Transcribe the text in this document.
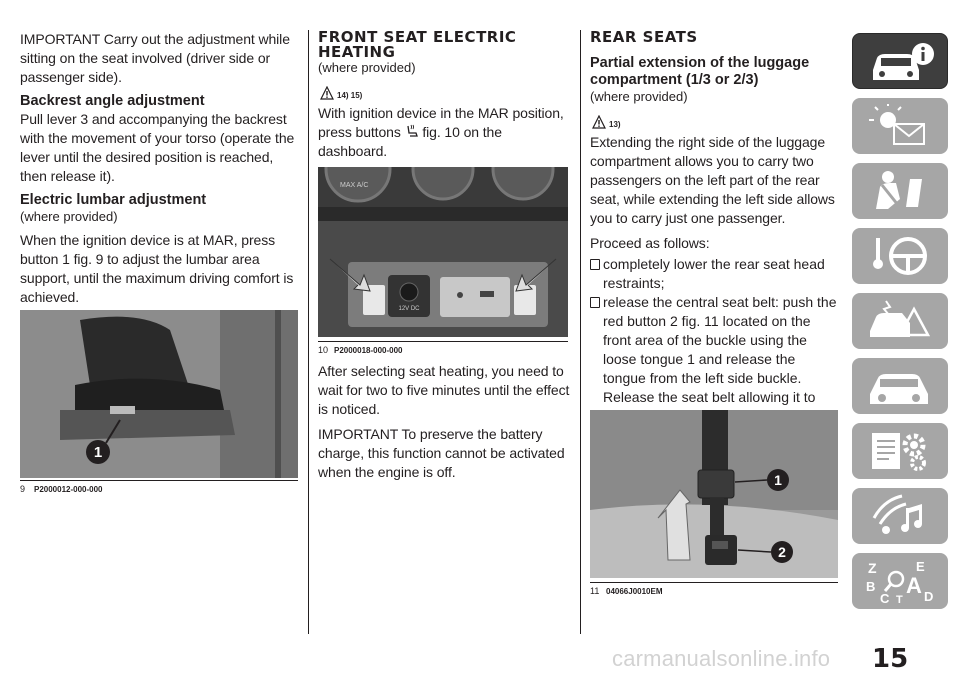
IMPORTANT Carry out the adjustment while sitting on the seat involved (driver side or passenger side).

Backrest angle adjustment

Pull lever 3 and accompanying the backrest with the movement of your torso (operate the lever until the desired position is reached, then release it).

Electric lumbar adjustment

(where provided)

When the ignition device is at MAR, press button 1 fig. 9 to adjust the lumbar area support, until the maximum driving comfort is achieved.

1
9	P2000012-000-000
FRONT SEAT ELECTRIC HEATING

(where provided)

14) 15)

With ignition device in the MAR position, press buttons fig. 10 on the dashboard.

MAX A/C
12V DC
10 P2000018-000-000

After selecting seat heating, you need to wait for two to five minutes until the effect is noticed.

IMPORTANT To preserve the battery charge, this function cannot be activated when the engine is off.

REAR SEATS
Partial extension of the luggage compartment (1/3 or 2/3)

(where provided)

13)

Extending the right side of the luggage compartment allows you to carry two passengers on the left part of the rear seat, while extending the left side allows you to carry just one passenger.

Proceed as follows:

completely lower the rear seat head restraints;
release the central seat belt: push the red button 2 fig. 11 located on the front area of the buckle using the loose tongue 1 and release the tongue from the left side buckle. Release the seat belt allowing it to
1
2
11 04066J0010EM
Z	E
B A
C	D
T
carmanualsonline.info 15
